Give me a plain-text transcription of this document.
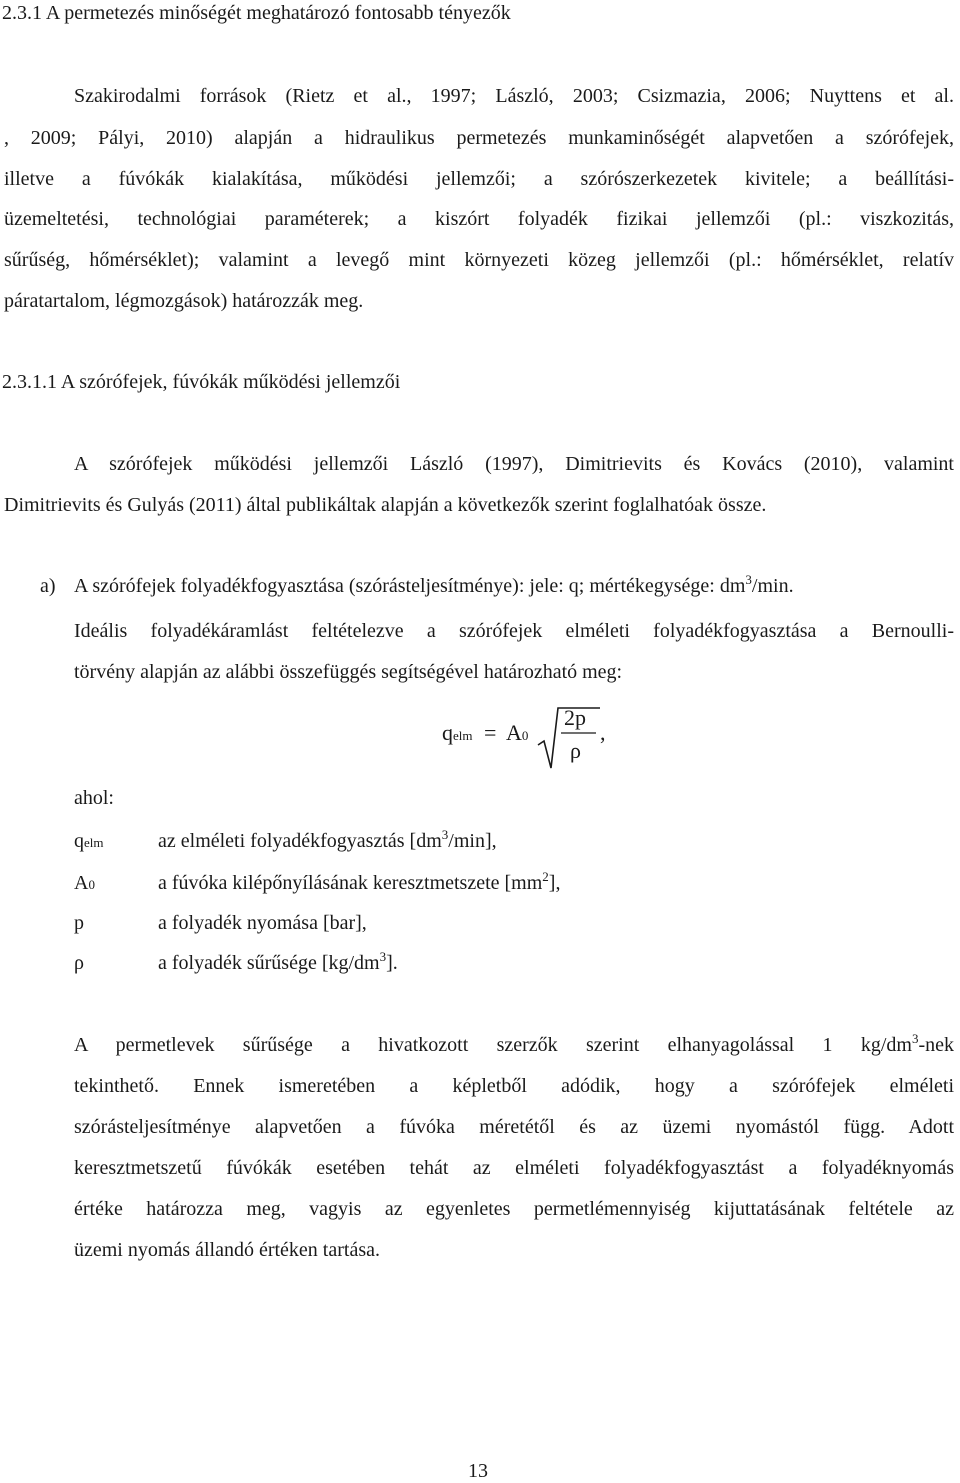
2.3.1 A permetezés minőségét meghatározó fontosabb tényezők
Szakirodalmi források (Rietz et al., 1997; László, 2003; Csizmazia, 2006; Nuyttens et al.
, 2009; Pályi, 2010) alapján a hidraulikus permetezés munkaminőségét alapvetően a szórófejek,
illetve a fúvókák kialakítása, működési jellemzői; a szórószerkezetek kivitele; a beállítási-
üzemeltetési, technológiai paraméterek; a kiszórt folyadék fizikai jellemzői (pl.: viszkozitás,
sűrűség, hőmérséklet); valamint a levegő mint környezeti közeg jellemzői (pl.: hőmérséklet, relatív
páratartalom, légmozgások) határozzák meg.
2.3.1.1 A szórófejek, fúvókák működési jellemzői
A szórófejek működési jellemzői László (1997), Dimitrievits és Kovács (2010), valamint
Dimitrievits és Gulyás (2011) által publikáltak alapján a következők szerint foglalhatóak össze.
a) A szórófejek folyadékfogyasztása (szórásteljesítménye): jele: q; mértékegysége: $dm^3/\min$.
Ideális folyadékáramlást feltételezve a szórófejek elméleti folyadékfogyasztása a Bernoulli-
törvény alapján az alábbi összefüggés segítségével határozható meg:
qelm = A0
2p
ρ
,
ahol:
qelm	az elméleti folyadékfogyasztás $[dm^3/\min]$,
A0	a fúvóka kilépőnyílásának keresztmetszete $[mm^2]$,
p	a folyadék nyomása [bar],
ρ	a folyadék sűrűsége $[kg/dm^3]$.
A permetlevek sűrűsége a hivatkozott szerzők szerint elhanyagolással 1 $kg/dm^3$-nek
tekinthető. Ennek ismeretében a képletből adódik, hogy a szórófejek elméleti
szórásteljesítménye alapvetően a fúvóka méretétől és az üzemi nyomástól függ. Adott
keresztmetszetű fúvókák esetében tehát az elméleti folyadékfogyasztást a folyadéknyomás
értéke határozza meg, vagyis az egyenletes permetlémennyiség kijuttatásának feltétele az
üzemi nyomás állandó értéken tartása.
13
